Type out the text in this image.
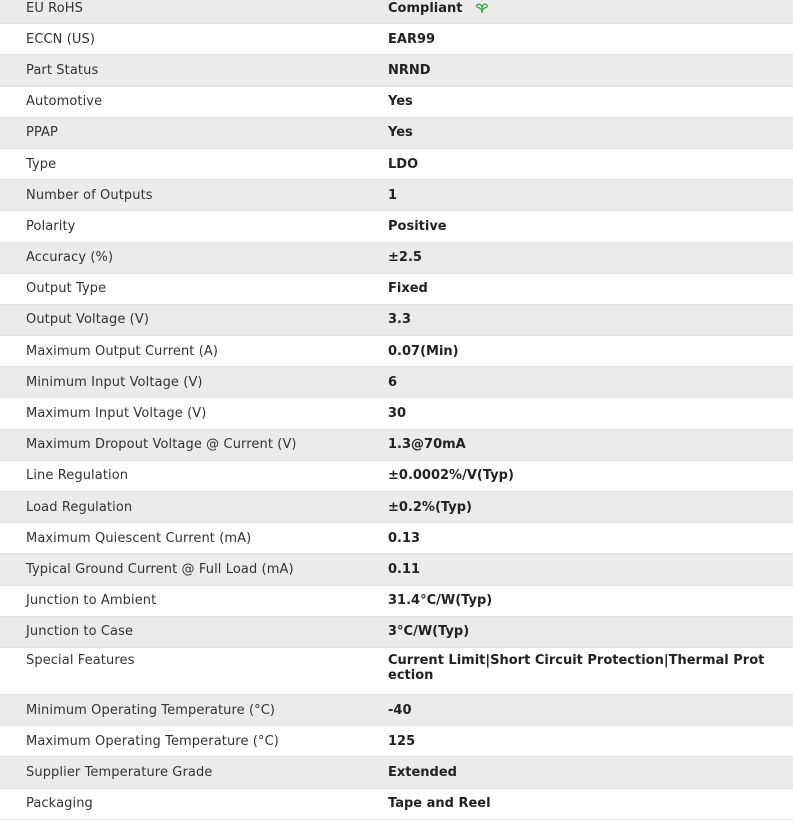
EU RoHS	Compliant
ECCN (US)	EAR99
Part Status	NRND
Automotive	Yes
PPAP	Yes
Type	LDO
Number of Outputs	1
Polarity	Positive
Accuracy (%)	±2.5
Output Type	Fixed
Output Voltage (V)	3.3
Maximum Output Current (A)	0.07(Min)
Minimum Input Voltage (V)	6
Maximum Input Voltage (V)	30
Maximum Dropout Voltage @ Current (V)	1.3@70mA
Line Regulation	±0.0002%/V(Typ)
Load Regulation	±0.2%(Typ)
Maximum Quiescent Current (mA)	0.13
Typical Ground Current @ Full Load (mA)	0.11
Junction to Ambient	31.4°C/W(Typ)
Junction to Case	3°C/W(Typ)
Special Features	Current Limit|Short Circuit Protection|Thermal Protection
Minimum Operating Temperature (°C)	-40
Maximum Operating Temperature (°C)	125
Supplier Temperature Grade	Extended
Packaging	Tape and Reel
